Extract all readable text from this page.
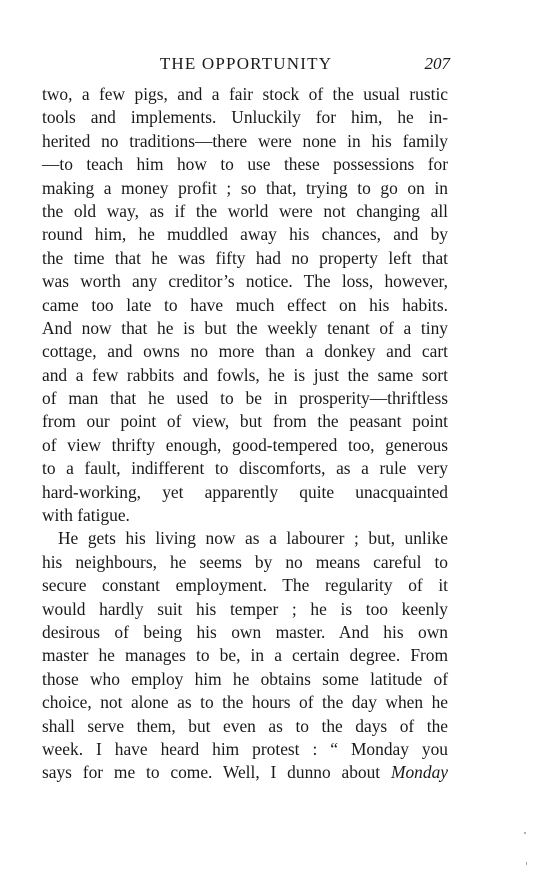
THE OPPORTUNITY	207
two, a few pigs, and a fair stock of the usual rustic
tools and implements. Unluckily for him, he in-
herited no traditions—there were none in his family
—to teach him how to use these possessions for
making a money profit ; so that, trying to go on in
the old way, as if the world were not changing all
round him, he muddled away his chances, and by
the time that he was fifty had no property left that
was worth any creditor’s notice. The loss, however,
came too late to have much effect on his habits.
And now that he is but the weekly tenant of a tiny
cottage, and owns no more than a donkey and cart
and a few rabbits and fowls, he is just the same sort
of man that he used to be in prosperity—thriftless
from our point of view, but from the peasant point
of view thrifty enough, good-tempered too, generous
to a fault, indifferent to discomforts, as a rule very
hard-working, yet apparently quite unacquainted
with fatigue.
He gets his living now as a labourer ; but, unlike
his neighbours, he seems by no means careful to
secure constant employment. The regularity of it
would hardly suit his temper ; he is too keenly
desirous of being his own master. And his own
master he manages to be, in a certain degree. From
those who employ him he obtains some latitude of
choice, not alone as to the hours of the day when he
shall serve them, but even as to the days of the
week. I have heard him protest : “ Monday you
says for me to come. Well, I dunno about Monday
